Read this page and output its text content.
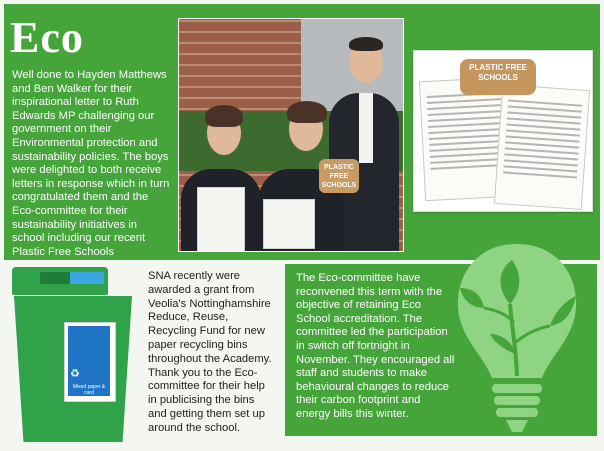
Eco
Well done to Hayden Matthews and Ben Walker for their inspirational letter to Ruth Edwards MP challenging our government on their Environmental protection and sustainability policies. The boys were delighted to both receive letters in response which in turn congratulated them and the Eco-committee for their sustainability initiatives in school including our recent Plastic Free Schools
PLASTIC FREE SCHOOLS
PLASTIC FREE SCHOOLS
♻
Mixed paper & card
SNA recently were awarded a grant from Veolia's Nottinghamshire Reduce, Reuse, Recycling Fund for new paper recycling bins throughout the Academy. Thank you to the Eco-committee for their help in publicising the bins and getting them set up around the school.
The Eco-committee have reconvened this term with the objective of retaining Eco School accreditation. The committee led the participation in switch off fortnight in November. They encouraged all staff and students to make behavioural changes to reduce their carbon footprint and energy bills this winter.
